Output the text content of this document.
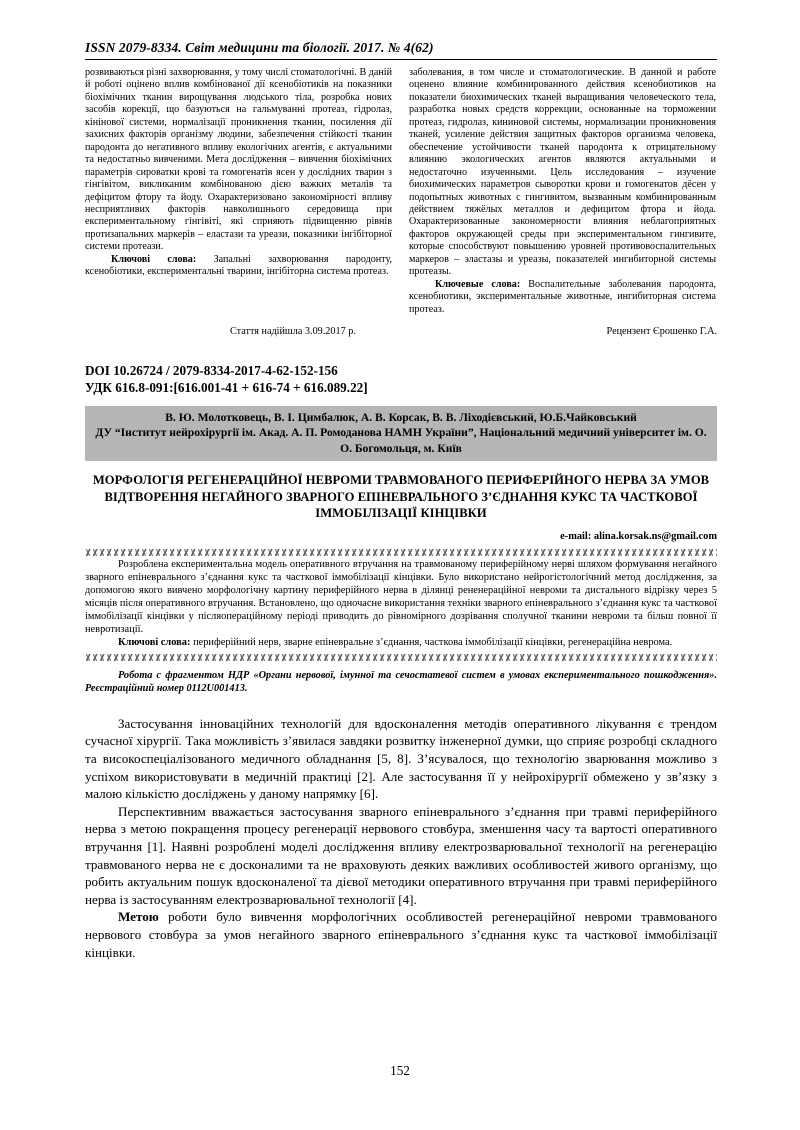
ISSN 2079-8334. Світ медицини та біології. 2017. № 4(62)

розвиваються різні захворювання, у тому числі стоматологічні. В даній й роботі оцінено вплив комбінованої дії ксенобіотиків на показники біохімічних тканин вирощування людського тіла, розробка нових засобів корекції, що базуються на гальмуванні протеаз, гідролаз, кінінової системи, нормалізації проникнення тканин, посилення дії захисних факторів організму людини, забезпечення стійкості тканин пародонта до негативного впливу екологічних агентів, є актуальними та недостатньо вивченими. Мета дослідження – вивчення біохімічних параметрів сироватки крові та гомогенатів ясен у дослідних тварин з гінгівітом, викликаним комбінованою дією важких металів та дефіцитом фтору та йоду. Охарактеризовано закономірності впливу несприятливих факторів навколишнього середовища при експериментальному гінгівіті, які сприяють підвищенню рівнів протизапальних маркерів – еластази та уреази, показники інгібіторної системи протеази.

Ключові слова: Запальні захворювання пародонту, ксенобіотики, експериментальні тварини, інгібіторна система протеаз.

заболевания, в том числе и стоматологические. В данной и работе оценено влияние комбинированного действия ксенобиотиков на показатели биохимических тканей выращивания человеческого тела, разработка новых средств коррекции, основанные на торможении протеаз, гидролаз, кининовой системы, нормализации проникновения тканей, усиление действия защитных факторов организма человека, обеспечение устойчивости тканей пародонта к отрицательному влиянию экологических агентов являются актуальными и недостаточно изученными. Цель исследования – изучение биохимических параметров сыворотки крови и гомогенатов дёсен у подопытных животных с гингивитом, вызванным комбинированным действием тяжёлых металлов и дефицитом фтора и йода. Охарактеризованные закономерности влияния неблагоприятных факторов окружающей среды при экспериментальном гингивите, которые способствуют повышению уровней противовоспалительных маркеров – эластазы и уреазы, показателей ингибиторной системы протеазы.

Ключевые слова: Воспалительные заболевания пародонта, ксенобиотики, экспериментальные животные, ингибиторная система протеаз.

Стаття надійшла 3.09.2017 р.	Рецензент Єрошенко Г.А.
DOI 10.26724 / 2079-8334-2017-4-62-152-156
УДК 616.8-091:[616.001-41 + 616-74 + 616.089.22]
В. Ю. Молотковець, В. І. Цимбалюк, А. В. Корсак, В. В. Ліходієвський, Ю.Б.Чайковський
ДУ “Інститут нейрохірургії ім. Акад. А. П. Ромоданова НАМН України”, Національний медичний університет ім. О. О. Богомольця, м. Київ
МОРФОЛОГІЯ РЕГЕНЕРАЦІЙНОЇ НЕВРОМИ ТРАВМОВАНОГО ПЕРИФЕРІЙНОГО НЕРВА ЗА УМОВ ВІДТВОРЕННЯ НЕГАЙНОГО ЗВАРНОГО ЕПІНЕВРАЛЬНОГО З’ЄДНАННЯ КУКС ТА ЧАСТКОВОЇ ІММОБІЛІЗАЦІЇ КІНЦІВКИ
e-mail: alina.korsak.ns@gmail.com

Розроблена експериментальна модель оперативного втручання на травмованому периферійному нерві шляхом формування негайного зварного епіневрального з’єднання кукс та часткової іммобілізації кінцівки. Було використано нейрогістологічний метод дослідження, за допомогою якого вивчено морфологічну картину периферійного нерва в ділянці рененераційної невроми та дистального відрізку через 5 місяців після оперативного втручання. Встановлено, що одночасне використання техніки зварного епіневрального з’єднання кукс та часткової іммобілізації кінцівки у післяопераційному періоді приводить до рівномірного дозрівання сполучної тканини невроми та більш повної її невротизації.

Ключові слова: периферійний нерв, зварне епіневральне з’єднання, часткова іммобілізації кінцівки, регенераційна неврома.

Робота с фрагментом НДР «Органи нервової, імунної та сечостатевої систем в умовах експериментального пошкодження». Реєстраційний номер 0112U001413.

Застосування інноваційних технологій для вдосконалення методів оперативного лікування є трендом сучасної хірургії. Така можливість з’явилася завдяки розвитку інженерної думки, що сприяє розробці складного та високоспеціалізованого медичного обладнання [5, 8]. З’ясувалося, що технологію зварювання можливо з успіхом використовувати в медичній практиці [2]. Але застосування її у нейрохірургії обмежено у зв’язку з малою кількістю досліджень у даному напрямку [6].

Перспективним вважається застосування зварного епіневрального з’єднання при травмі периферійного нерва з метою покращення процесу регенерації нервового стовбура, зменшення часу та вартості оперативного втручання [1]. Наявні розроблені моделі дослідження впливу електрозварювальної технології на регенерацію травмованого нерва не є досконалими та не враховують деяких важливих особливостей живого організму, що робить актуальним пошук вдосконаленої та дієвої методики оперативного втручання при травмі периферійного нерва із застосуванням електрозварювальної технології [4].

Метою роботи було вивчення морфологічних особливостей регенераційної невроми травмованого нервового стовбура за умов негайного зварного епіневрального з’єднання кукс та часткової іммобілізації кінцівки.

152
